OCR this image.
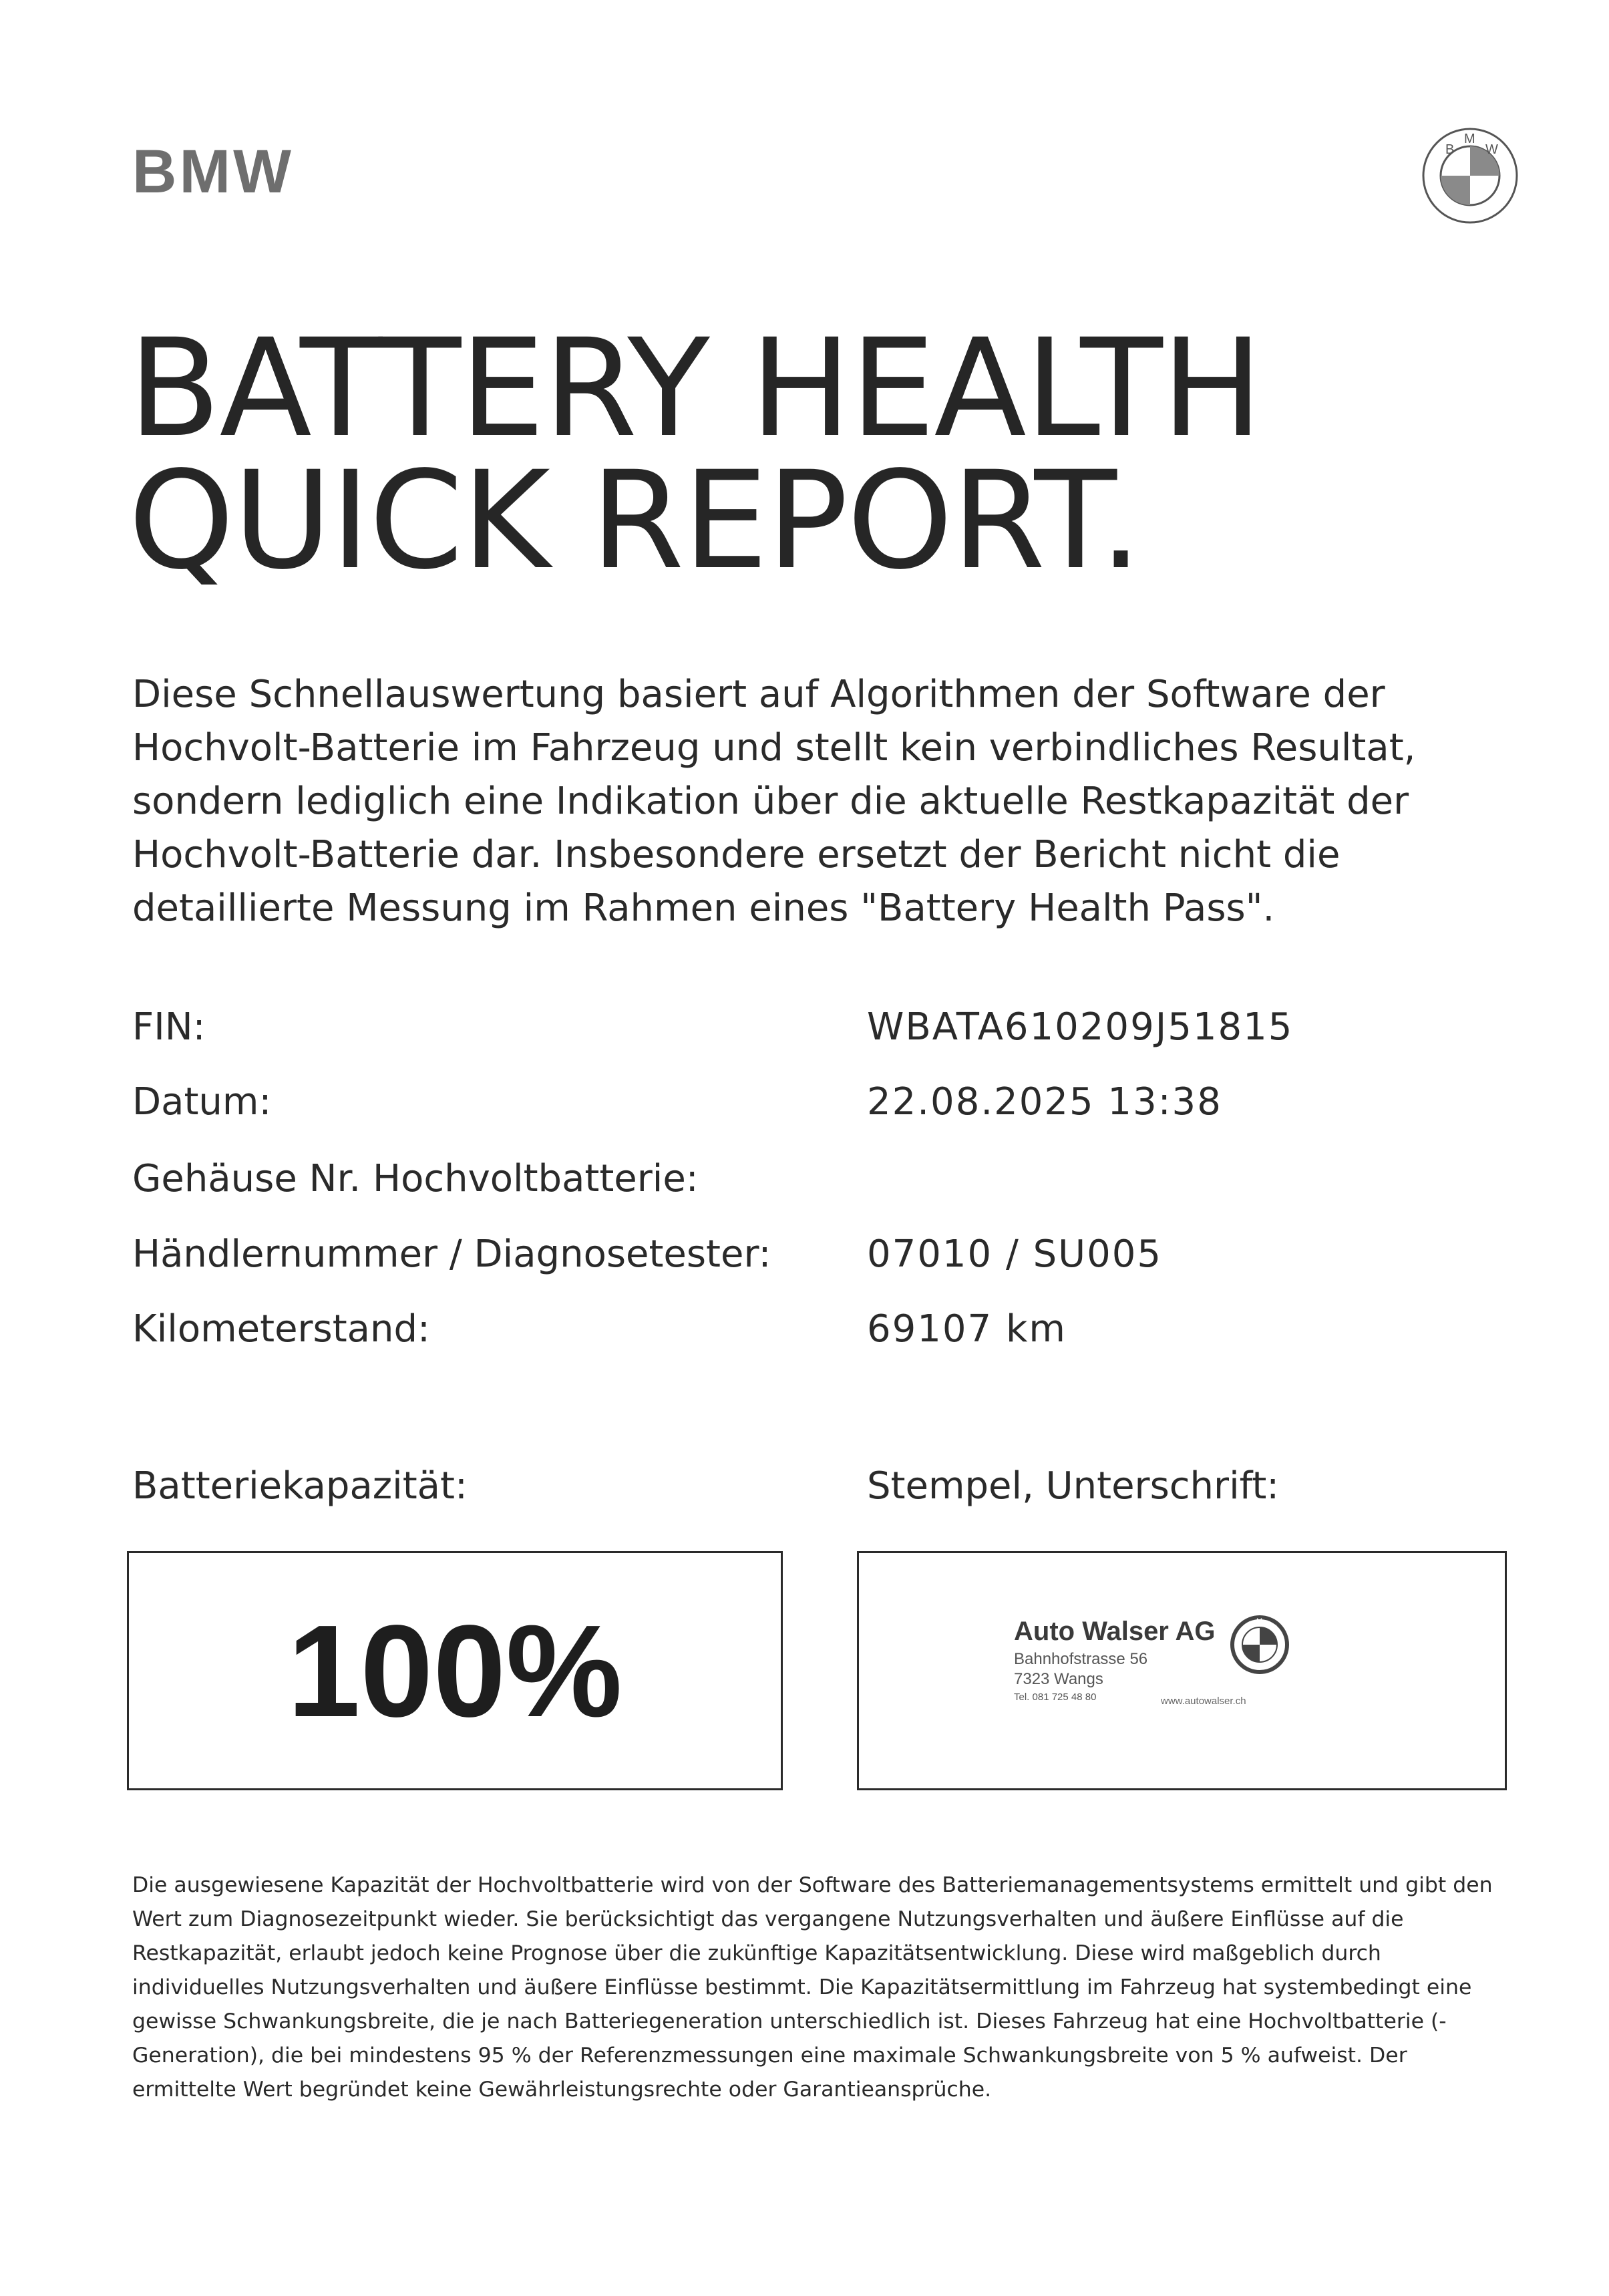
BMW	B
M
W
BATTERY HEALTH
QUICK REPORT.
Diese Schnellauswertung basiert auf Algorithmen der Software der Hochvolt-Batterie im Fahrzeug und stellt kein verbindliches Resultat, sondern lediglich eine Indikation über die aktuelle Restkapazität der Hochvolt-Batterie dar. Insbesondere ersetzt der Bericht nicht die detaillierte Messung im Rahmen eines "Battery Health Pass".
FIN:	WBATA610209J51815
Datum:	22.08.2025 13:38
Gehäuse Nr. Hochvoltbatterie:
Händlernummer / Diagnosetester:	07010 / SU005
Kilometerstand:	69107 km
Batteriekapazität:	Stempel, Unterschrift:
100%	Auto Walser AG
Bahnhofstrasse 56
7323 Wangs
Tel. 081 725 48 80	www.autowalser.ch
B
M
W
Die ausgewiesene Kapazität der Hochvoltbatterie wird von der Software des Batteriemanagementsystems ermittelt und gibt den Wert zum Diagnosezeitpunkt wieder. Sie berücksichtigt das vergangene Nutzungsverhalten und äußere Einflüsse auf die Restkapazität, erlaubt jedoch keine Prognose über die zukünftige Kapazitätsentwicklung. Diese wird maßgeblich durch individuelles Nutzungsverhalten und äußere Einflüsse bestimmt. Die Kapazitätsermittlung im Fahrzeug hat systembedingt eine gewisse Schwankungsbreite, die je nach Batteriegeneration unterschiedlich ist. Dieses Fahrzeug hat eine Hochvoltbatterie (-Generation), die bei mindestens 95 % der Referenzmessungen eine maximale Schwankungsbreite von 5 % aufweist. Der ermittelte Wert begründet keine Gewährleistungsrechte oder Garantieansprüche.
